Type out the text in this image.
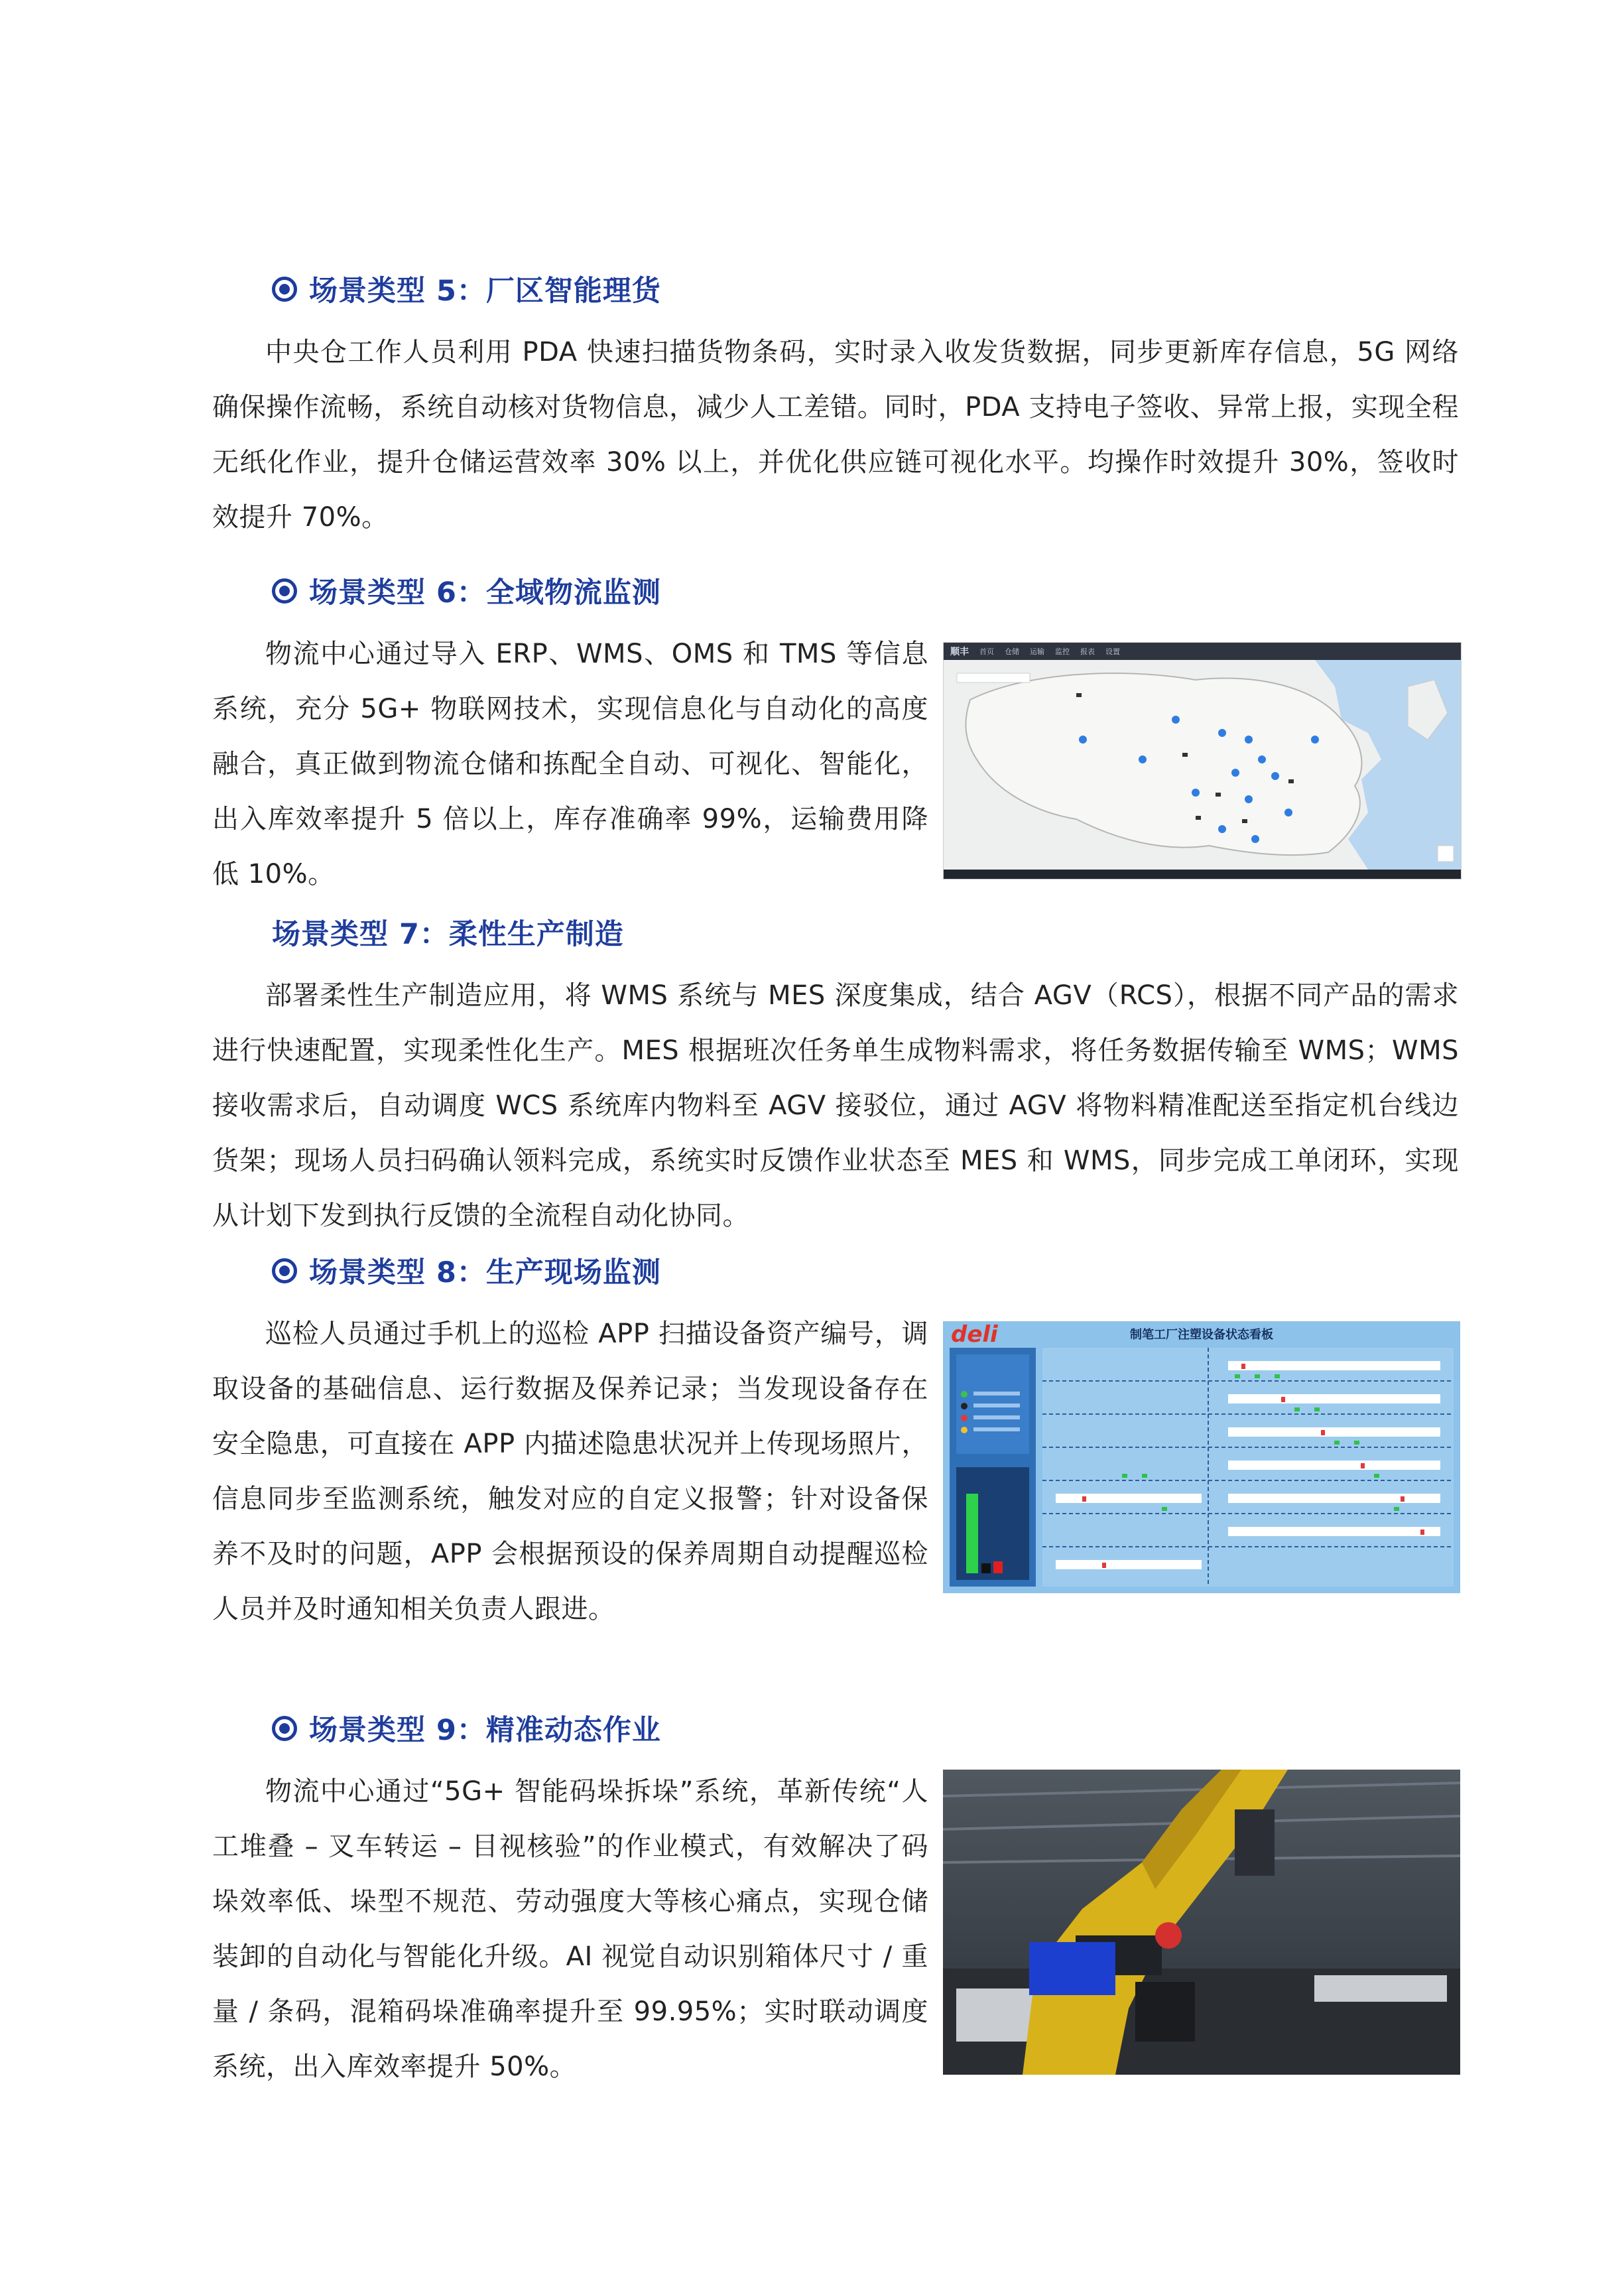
场景类型 5：厂区智能理货

中央仓工作人员利用 PDA 快速扫描货物条码，实时录入收发货数据，同步更新库存信息，5G 网络确保操作流畅，系统自动核对货物信息，减少人工差错。同时，PDA 支持电子签收、异常上报，实现全程无纸化作业，提升仓储运营效率 30% 以上，并优化供应链可视化水平。均操作时效提升 30%，签收时效提升 70%。

场景类型 6：全域物流监测

物流中心通过导入 ERP、WMS、OMS 和 TMS 等信息系统，充分 5G+ 物联网技术，实现信息化与自动化的高度融合，真正做到物流仓储和拣配全自动、可视化、智能化，出入库效率提升 5 倍以上，库存准确率 99%，运输费用降低 10%。

顺丰 首页 仓储 运输 监控 报表 设置
场景类型 7：柔性生产制造

部署柔性生产制造应用，将 WMS 系统与 MES 深度集成，结合 AGV（RCS），根据不同产品的需求进行快速配置，实现柔性化生产。MES 根据班次任务单生成物料需求，将任务数据传输至 WMS；WMS 接收需求后，自动调度 WCS 系统库内物料至 AGV 接驳位，通过 AGV 将物料精准配送至指定机台线边货架；现场人员扫码确认领料完成，系统实时反馈作业状态至 MES 和 WMS，同步完成工单闭环，实现从计划下发到执行反馈的全流程自动化协同。

场景类型 8：生产现场监测

巡检人员通过手机上的巡检 APP 扫描设备资产编号，调取设备的基础信息、运行数据及保养记录；当发现设备存在安全隐患，可直接在 APP 内描述隐患状况并上传现场照片，信息同步至监测系统，触发对应的自定义报警；针对设备保养不及时的问题，APP 会根据预设的保养周期自动提醒巡检人员并及时通知相关负责人跟进。

deli	制笔工厂注塑设备状态看板
场景类型 9：精准动态作业

物流中心通过“5G+ 智能码垛拆垛”系统，革新传统“人工堆叠 – 叉车转运 – 目视核验”的作业模式，有效解决了码垛效率低、垛型不规范、劳动强度大等核心痛点，实现仓储装卸的自动化与智能化升级。AI 视觉自动识别箱体尺寸 / 重量 / 条码，混箱码垛准确率提升至 99.95%；实时联动调度系统，出入库效率提升 50%。
